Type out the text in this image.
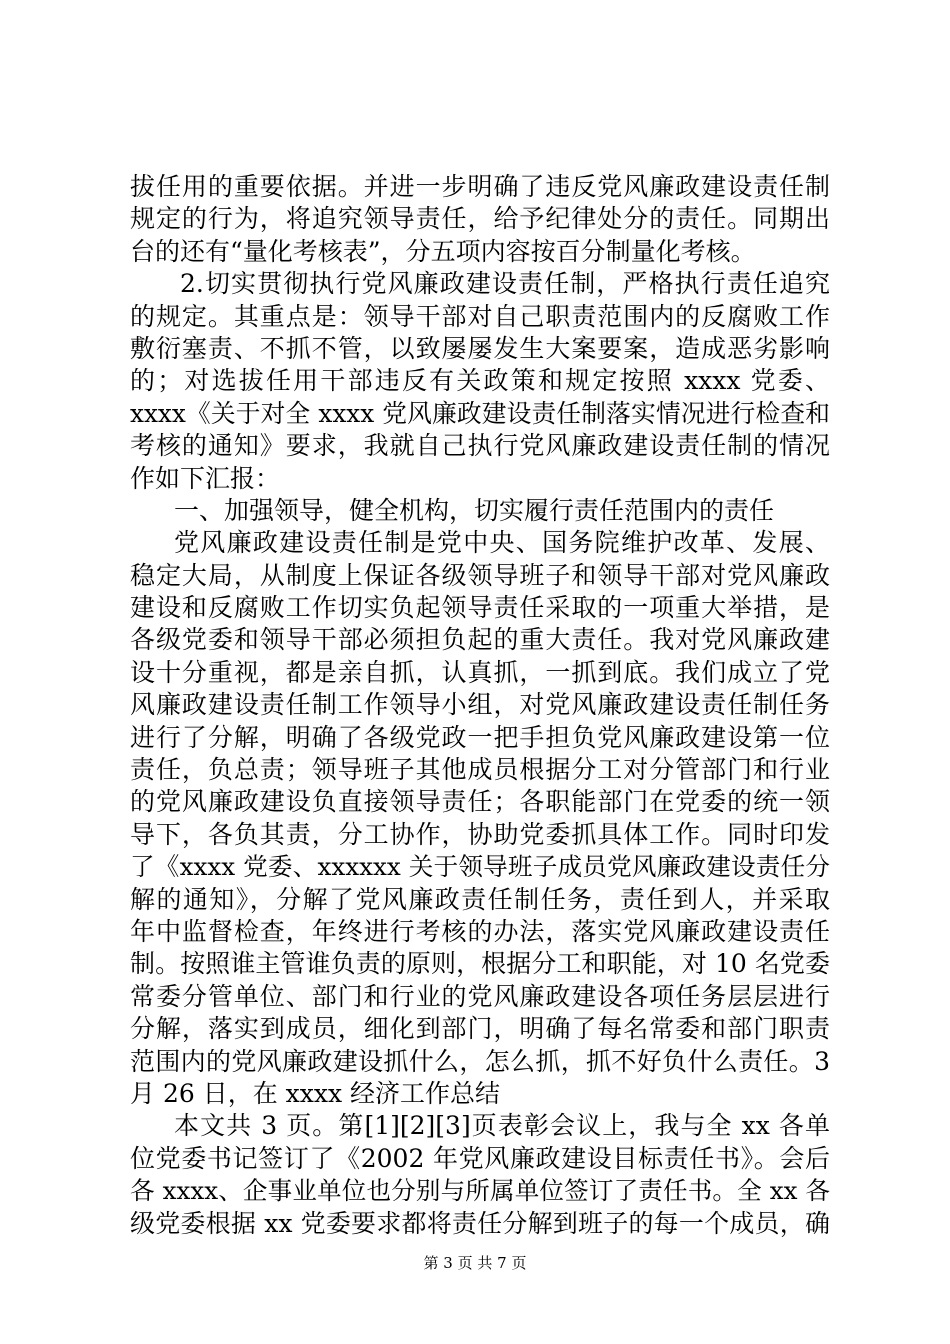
拔任用的重要依据。并进一步明确了违反党风廉政建设责任制
规定的行为，将追究领导责任，给予纪律处分的责任。同期出
台的还有“量化考核表”，分五项内容按百分制量化考核。
2.切实贯彻执行党风廉政建设责任制，严格执行责任追究
的规定。其重点是：领导干部对自己职责范围内的反腐败工作
敷衍塞责、不抓不管，以致屡屡发生大案要案，造成恶劣影响
的；对选拔任用干部违反有关政策和规定按照 xxxx 党委、
xxxx《关于对全 xxxx 党风廉政建设责任制落实情况进行检查和
考核的通知》要求，我就自己执行党风廉政建设责任制的情况
作如下汇报：
一、加强领导，健全机构，切实履行责任范围内的责任
党风廉政建设责任制是党中央、国务院维护改革、发展、
稳定大局，从制度上保证各级领导班子和领导干部对党风廉政
建设和反腐败工作切实负起领导责任采取的一项重大举措，是
各级党委和领导干部必须担负起的重大责任。我对党风廉政建
设十分重视，都是亲自抓，认真抓，一抓到底。我们成立了党
风廉政建设责任制工作领导小组，对党风廉政建设责任制任务
进行了分解，明确了各级党政一把手担负党风廉政建设第一位
责任，负总责；领导班子其他成员根据分工对分管部门和行业
的党风廉政建设负直接领导责任；各职能部门在党委的统一领
导下，各负其责，分工协作，协助党委抓具体工作。同时印发
了《xxxx 党委、xxxxxx 关于领导班子成员党风廉政建设责任分
解的通知》，分解了党风廉政责任制任务，责任到人，并采取
年中监督检查，年终进行考核的办法，落实党风廉政建设责任
制。按照谁主管谁负责的原则，根据分工和职能，对 10 名党委
常委分管单位、部门和行业的党风廉政建设各项任务层层进行
分解，落实到成员，细化到部门，明确了每名常委和部门职责
范围内的党风廉政建设抓什么，怎么抓，抓不好负什么责任。3
月 26 日，在 xxxx 经济工作总结
本文共 3 页。第[1][2][3]页表彰会议上，我与全 xx 各单
位党委书记签订了《2002 年党风廉政建设目标责任书》。会后
各 xxxx、企事业单位也分别与所属单位签订了责任书。全 xx 各
级党委根据 xx 党委要求都将责任分解到班子的每一个成员，确
第 3 页 共 7 页
